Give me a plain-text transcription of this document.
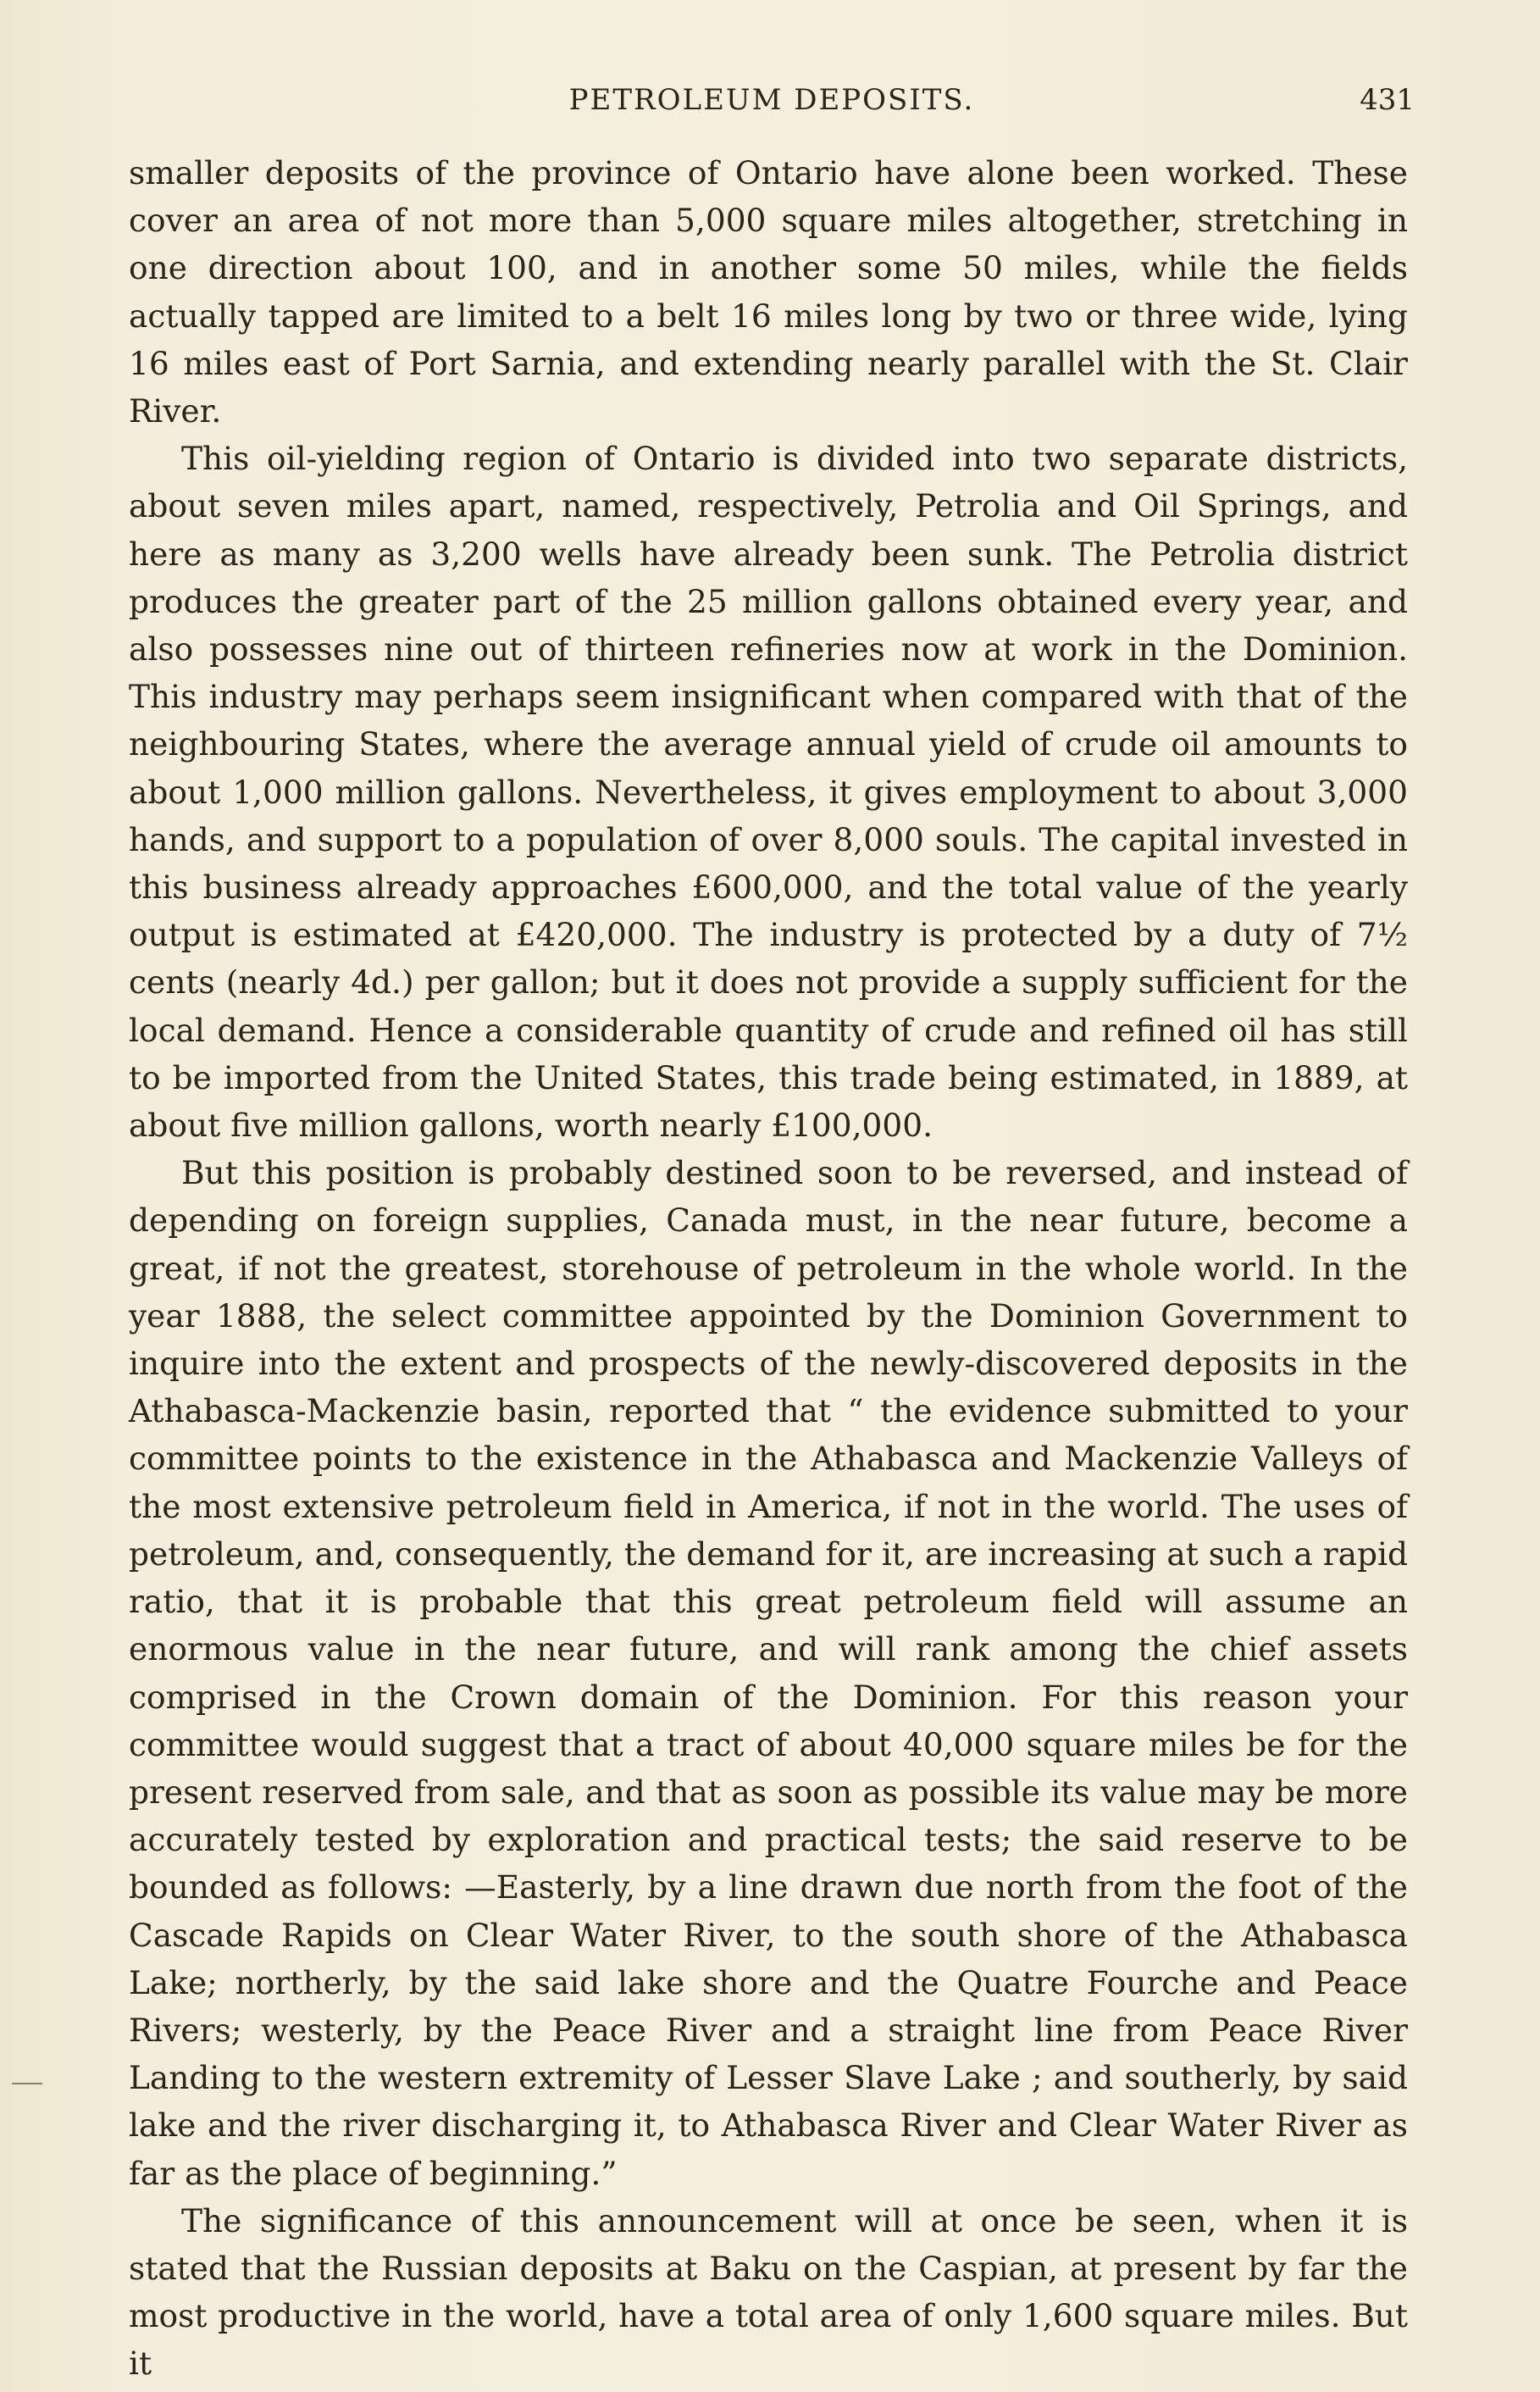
PETROLEUM DEPOSITS.	431

smaller deposits of the province of Ontario have alone been worked. These cover an area of not more than 5,000 square miles altogether, stretching in one direction about 100, and in another some 50 miles, while the fields actually tapped are limited to a belt 16 miles long by two or three wide, lying 16 miles east of Port Sarnia, and extending nearly parallel with the St. Clair River.

This oil-yielding region of Ontario is divided into two separate districts, about seven miles apart, named, respectively, Petrolia and Oil Springs, and here as many as 3,200 wells have already been sunk. The Petrolia district produces the greater part of the 25 million gallons obtained every year, and also possesses nine out of thirteen refineries now at work in the Dominion. This industry may perhaps seem insignificant when compared with that of the neighbouring States, where the average annual yield of crude oil amounts to about 1,000 million gallons. Nevertheless, it gives employment to about 3,000 hands, and support to a population of over 8,000 souls. The capital invested in this business already approaches £600,000, and the total value of the yearly output is estimated at £420,000. The industry is protected by a duty of 7½ cents (nearly 4d.) per gallon; but it does not provide a supply sufficient for the local demand. Hence a considerable quantity of crude and refined oil has still to be imported from the United States, this trade being estimated, in 1889, at about five million gallons, worth nearly £100,000.

But this position is probably destined soon to be reversed, and instead of depending on foreign supplies, Canada must, in the near future, become a great, if not the greatest, storehouse of petroleum in the whole world. In the year 1888, the select committee appointed by the Dominion Government to inquire into the extent and prospects of the newly-discovered deposits in the Athabasca-Mackenzie basin, reported that “ the evidence submitted to your committee points to the existence in the Athabasca and Mackenzie Valleys of the most extensive petroleum field in America, if not in the world. The uses of petroleum, and, consequently, the demand for it, are increasing at such a rapid ratio, that it is probable that this great petroleum field will assume an enormous value in the near future, and will rank among the chief assets comprised in the Crown domain of the Dominion. For this reason your committee would suggest that a tract of about 40,000 square miles be for the present reserved from sale, and that as soon as possible its value may be more accurately tested by exploration and practical tests; the said reserve to be bounded as follows: —Easterly, by a line drawn due north from the foot of the Cascade Rapids on Clear Water River, to the south shore of the Athabasca Lake; northerly, by the said lake shore and the Quatre Fourche and Peace Rivers; westerly, by the Peace River and a straight line from Peace River Landing to the western extremity of Lesser Slave Lake ; and southerly, by said lake and the river discharging it, to Athabasca River and Clear Water River as far as the place of beginning.”

The significance of this announcement will at once be seen, when it is stated that the Russian deposits at Baku on the Caspian, at present by far the most productive in the world, have a total area of only 1,600 square miles. But it
